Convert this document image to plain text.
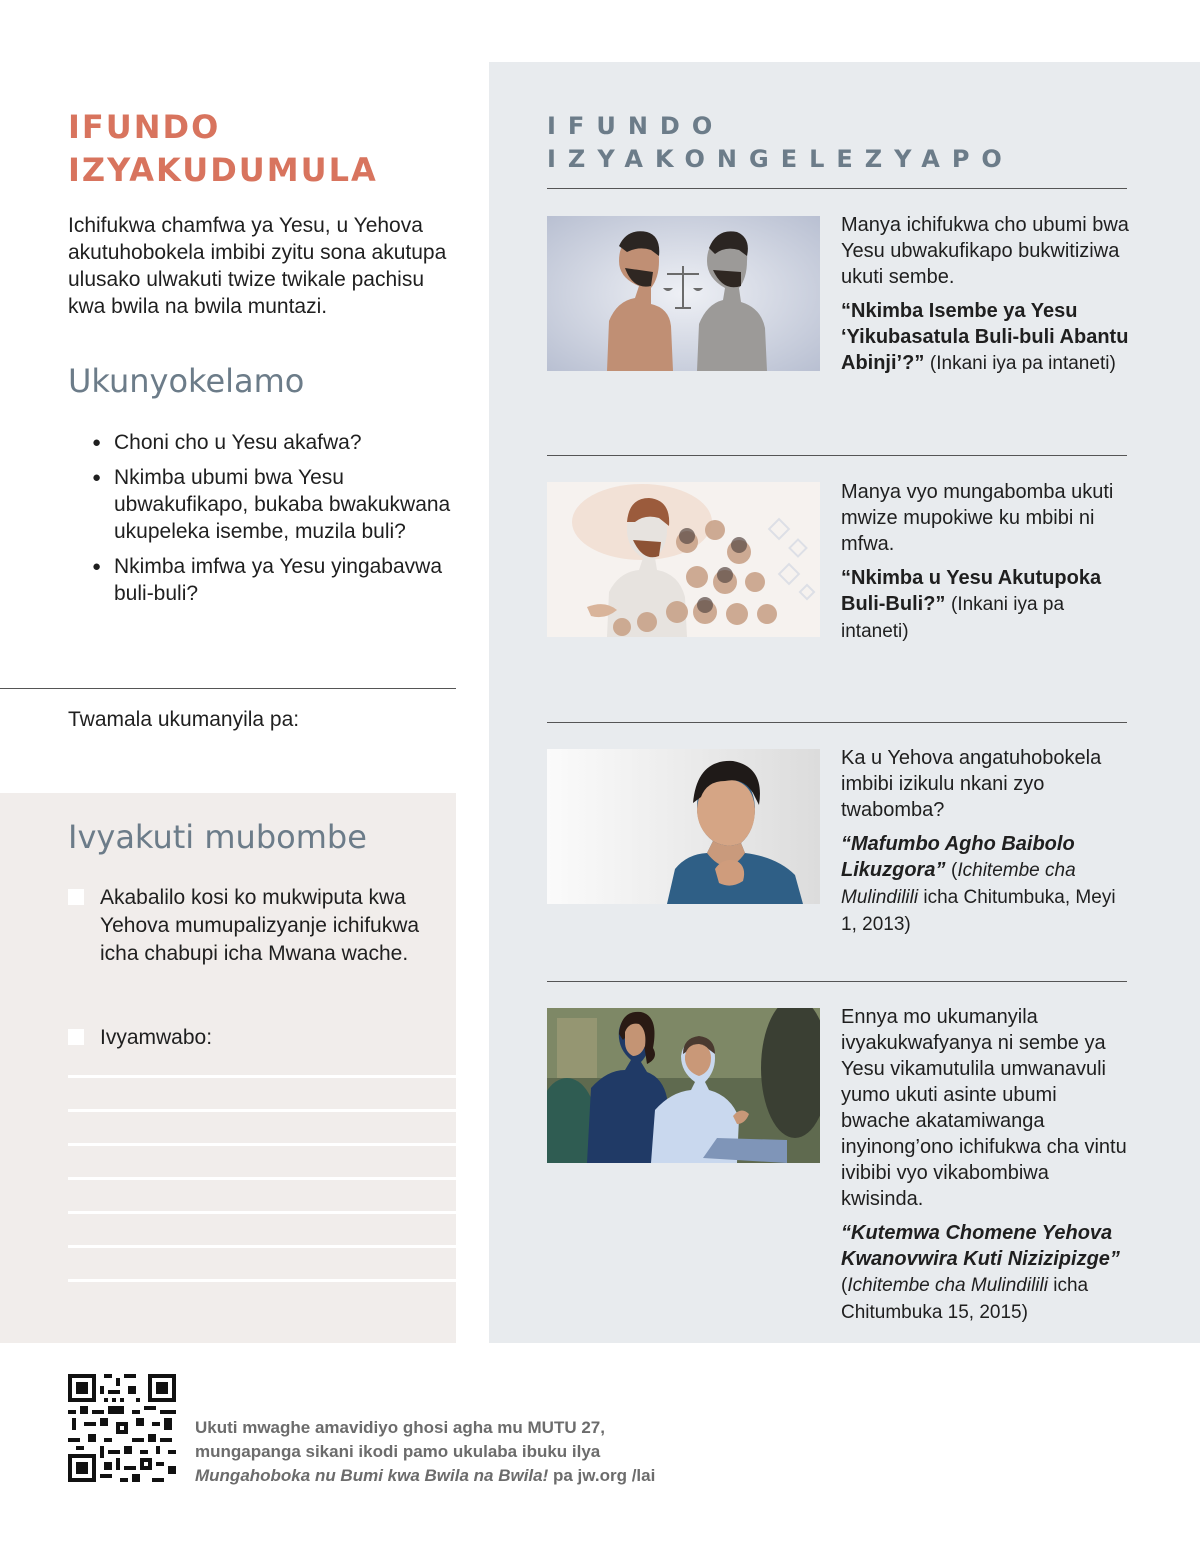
IFUNDO
IZYAKUDUMULA

Ichifukwa chamfwa ya Yesu, u Yehova akutuhobokela imbibi zyitu sona akutupa ulusako ulwakuti twize twikale pachisu kwa bwila na bwila muntazi.

Ukunyokelamo
● Choni cho u Yesu akafwa?
● Nkimba ubumi bwa Yesu ubwakufikapo, bukaba bwakukwana ukupeleka isembe, muzila buli?
● Nkimba imfwa ya Yesu yingabavwa buli-buli?

Twamala ukumanyila pa:

Ivyakuti mubombe
Akabalilo kosi ko mukwiputa kwa Yehova mumupalizyanje ichifukwa icha chabupi icha Mwana wache.
Ivyamwabo:
IFUNDO
IZYAKONGELEZYAPO

Manya ichifukwa cho ubumi bwa Yesu ubwakufikapo bukwitiziwa ukuti sembe.

“Nkimba Isembe ya Yesu ‘Yikubasatula Buli-buli Abantu Abinji’?” (Inkani iya pa intaneti)

Manya vyo mungabomba ukuti mwize mupokiwe ku mbibi ni mfwa.

“Nkimba u Yesu Akutupoka Buli-Buli?” (Inkani iya pa intaneti)

Ka u Yehova angatuhobokela imbibi izikulu nkani zyo twabomba?

“Mafumbo Agho Baibolo Likuzgora” (Ichitembe cha Mulindilili icha Chitumbuka, Meyi 1, 2013)

Ennya mo ukumanyila ivyakukwafyanya ni sembe ya Yesu vikamutulila umwanavuli yumo ukuti asinte ubumi bwache akatamiwanga inyinong’ono ichifukwa cha vintu ivibibi vyo vikabombiwa kwisinda.

“Kutemwa Chomene Yehova Kwanovwira Kuti Nizizipizge” (Ichitembe cha Mulindilili icha Chitumbuka 15, 2015)

Ukuti mwaghe amavidiyo ghosi agha mu MUTU 27,
mungapanga sikani ikodi pamo ukulaba ibuku ilya
Mungahoboka nu Bumi kwa Bwila na Bwila! pa jw.org /lai
